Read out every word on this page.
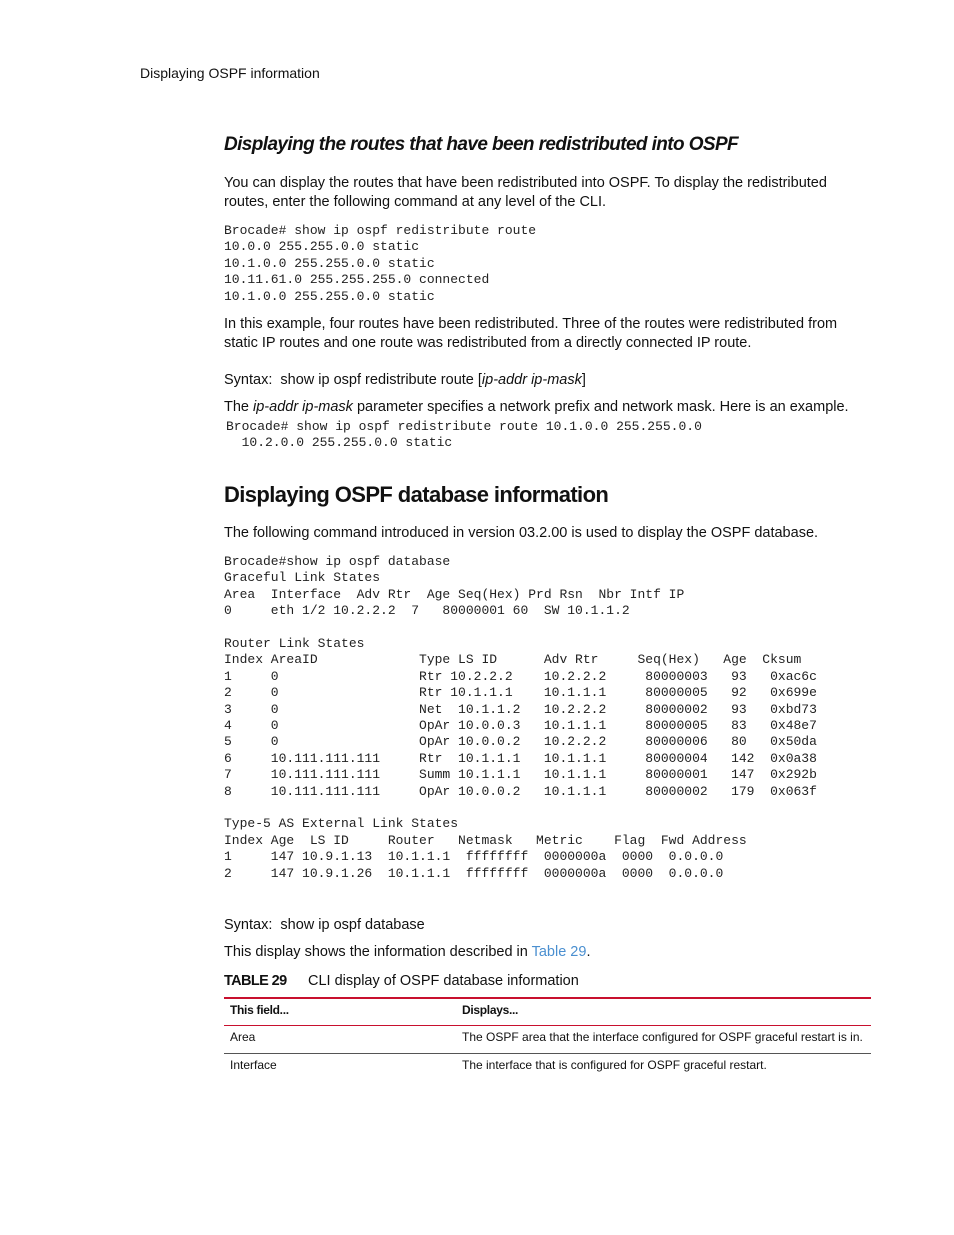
Displaying OSPF information
Displaying the routes that have been redistributed into OSPF

You can display the routes that have been redistributed into OSPF. To display the redistributed routes, enter the following command at any level of the CLI.

Brocade# show ip ospf redistribute route
10.0.0 255.255.0.0 static
10.1.0.0 255.255.0.0 static
10.11.61.0 255.255.255.0 connected
10.1.0.0 255.255.0.0 static

In this example, four routes have been redistributed. Three of the routes were redistributed from static IP routes and one route was redistributed from a directly connected IP route.

Syntax: show ip ospf redistribute route [ip-addr ip-mask]

The ip-addr ip-mask parameter specifies a network prefix and network mask. Here is an example.

Brocade# show ip ospf redistribute route 10.1.0.0 255.255.0.0
10.2.0.0 255.255.0.0 static
Displaying OSPF database information

The following command introduced in version 03.2.00 is used to display the OSPF database.

Brocade#show ip ospf database
Graceful Link States
Area  Interface  Adv Rtr  Age Seq(Hex) Prd Rsn  Nbr Intf IP
0     eth 1/2 10.2.2.2  7   80000001 60  SW 10.1.1.2

Router Link States
Index AreaID             Type LS ID      Adv Rtr     Seq(Hex)   Age  Cksum
1     0                  Rtr 10.2.2.2    10.2.2.2     80000003   93   0xac6c
2     0                  Rtr 10.1.1.1    10.1.1.1     80000005   92   0x699e
3     0                  Net  10.1.1.2   10.2.2.2     80000002   93   0xbd73
4     0                  OpAr 10.0.0.3   10.1.1.1     80000005   83   0x48e7
5     0                  OpAr 10.0.0.2   10.2.2.2     80000006   80   0x50da
6     10.111.111.111     Rtr  10.1.1.1   10.1.1.1     80000004   142  0x0a38
7     10.111.111.111     Summ 10.1.1.1   10.1.1.1     80000001   147  0x292b
8     10.111.111.111     OpAr 10.0.0.2   10.1.1.1     80000002   179  0x063f

Type-5 AS External Link States
Index Age  LS ID     Router   Netmask   Metric    Flag  Fwd Address
1     147 10.9.1.13  10.1.1.1  ffffffff  0000000a  0000  0.0.0.0
2     147 10.9.1.26  10.1.1.1  ffffffff  0000000a  0000  0.0.0.0
Syntax: show ip ospf database

This display shows the information described in Table 29.

TABLE 29	CLI display of OSPF database information
This field...	Displays...
Area	The OSPF area that the interface configured for OSPF graceful restart is in.
Interface	The interface that is configured for OSPF graceful restart.
